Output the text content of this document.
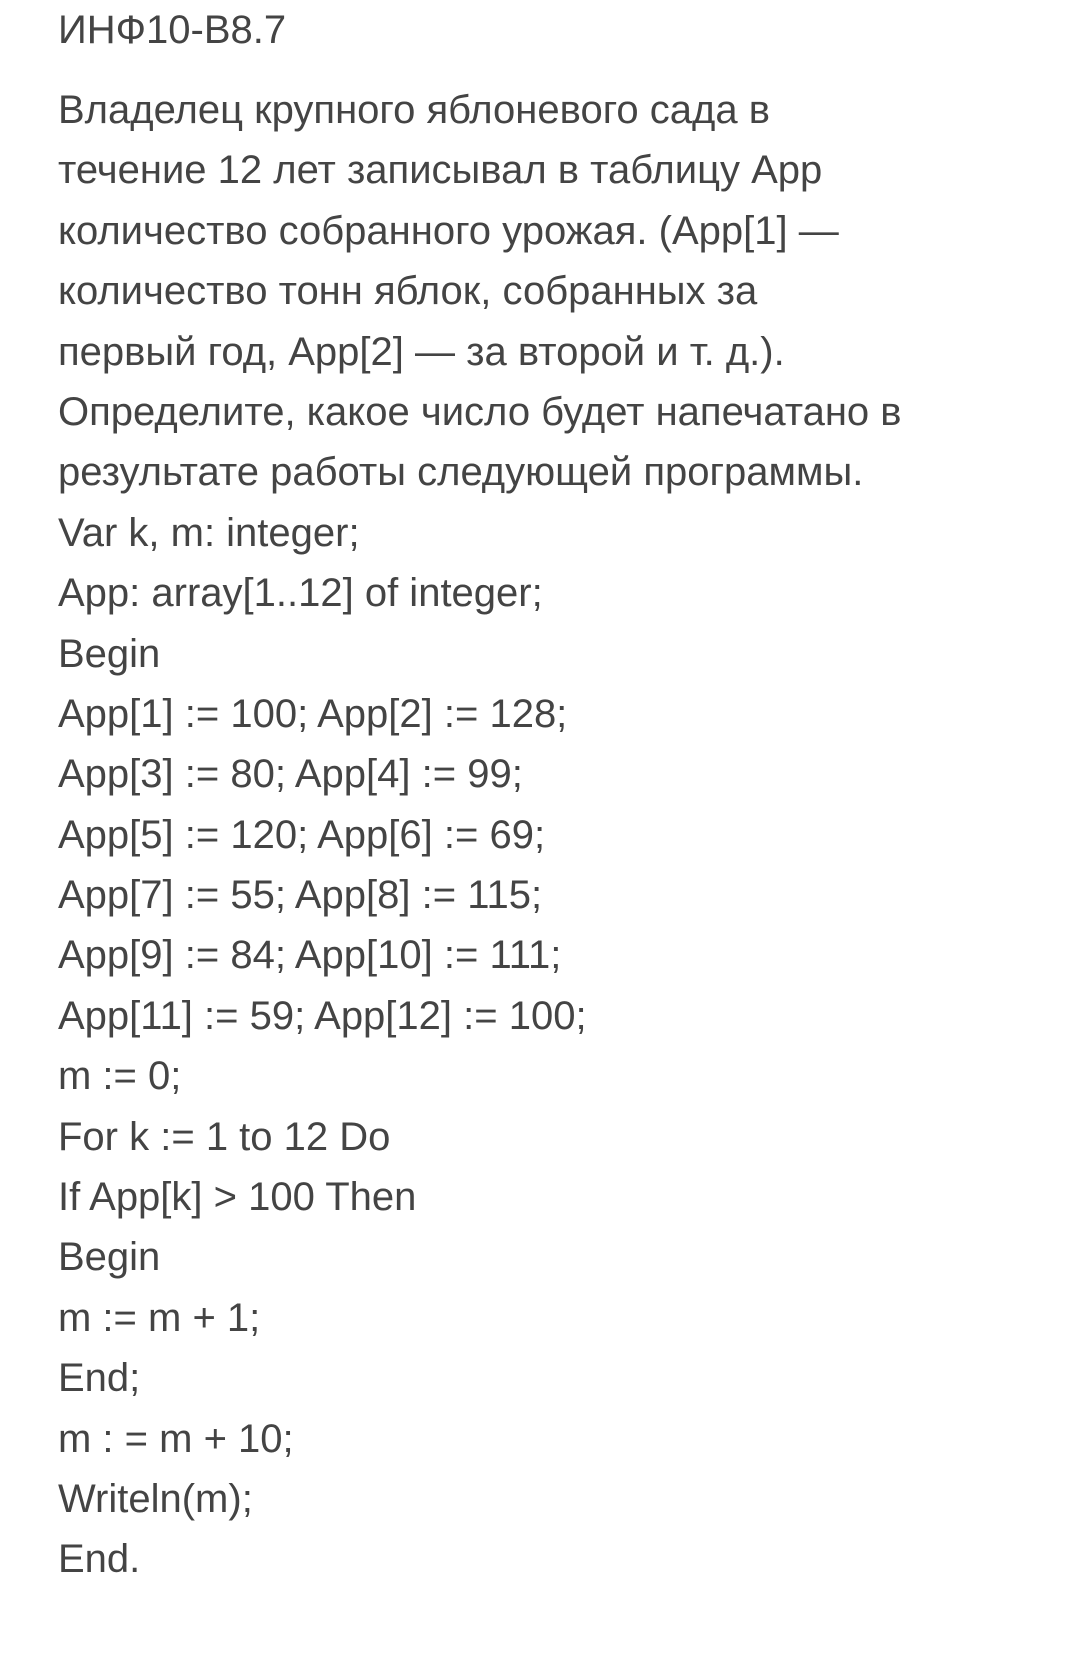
ИНФ10-В8.7
Владелец крупного яблоневого сада в
течение 12 лет записывал в таблицу App
количество собранного урожая. (App[1] —
количество тонн яблок, собранных за
первый год, App[2] — за второй и т. д.).
Определите, какое число будет напечатано в
результате работы следующей программы.
Var k, m: integer;
App: array[1..12] of integer;
Begin
App[1] := 100; App[2] := 128;
App[3] := 80; App[4] := 99;
App[5] := 120; App[6] := 69;
App[7] := 55; App[8] := 115;
App[9] := 84; App[10] := 111;
App[11] := 59; App[12] := 100;
m := 0;
For k := 1 to 12 Do
If App[k] > 100 Then
Begin
m := m + 1;
End;
m : = m + 10;
Writeln(m);
End.
